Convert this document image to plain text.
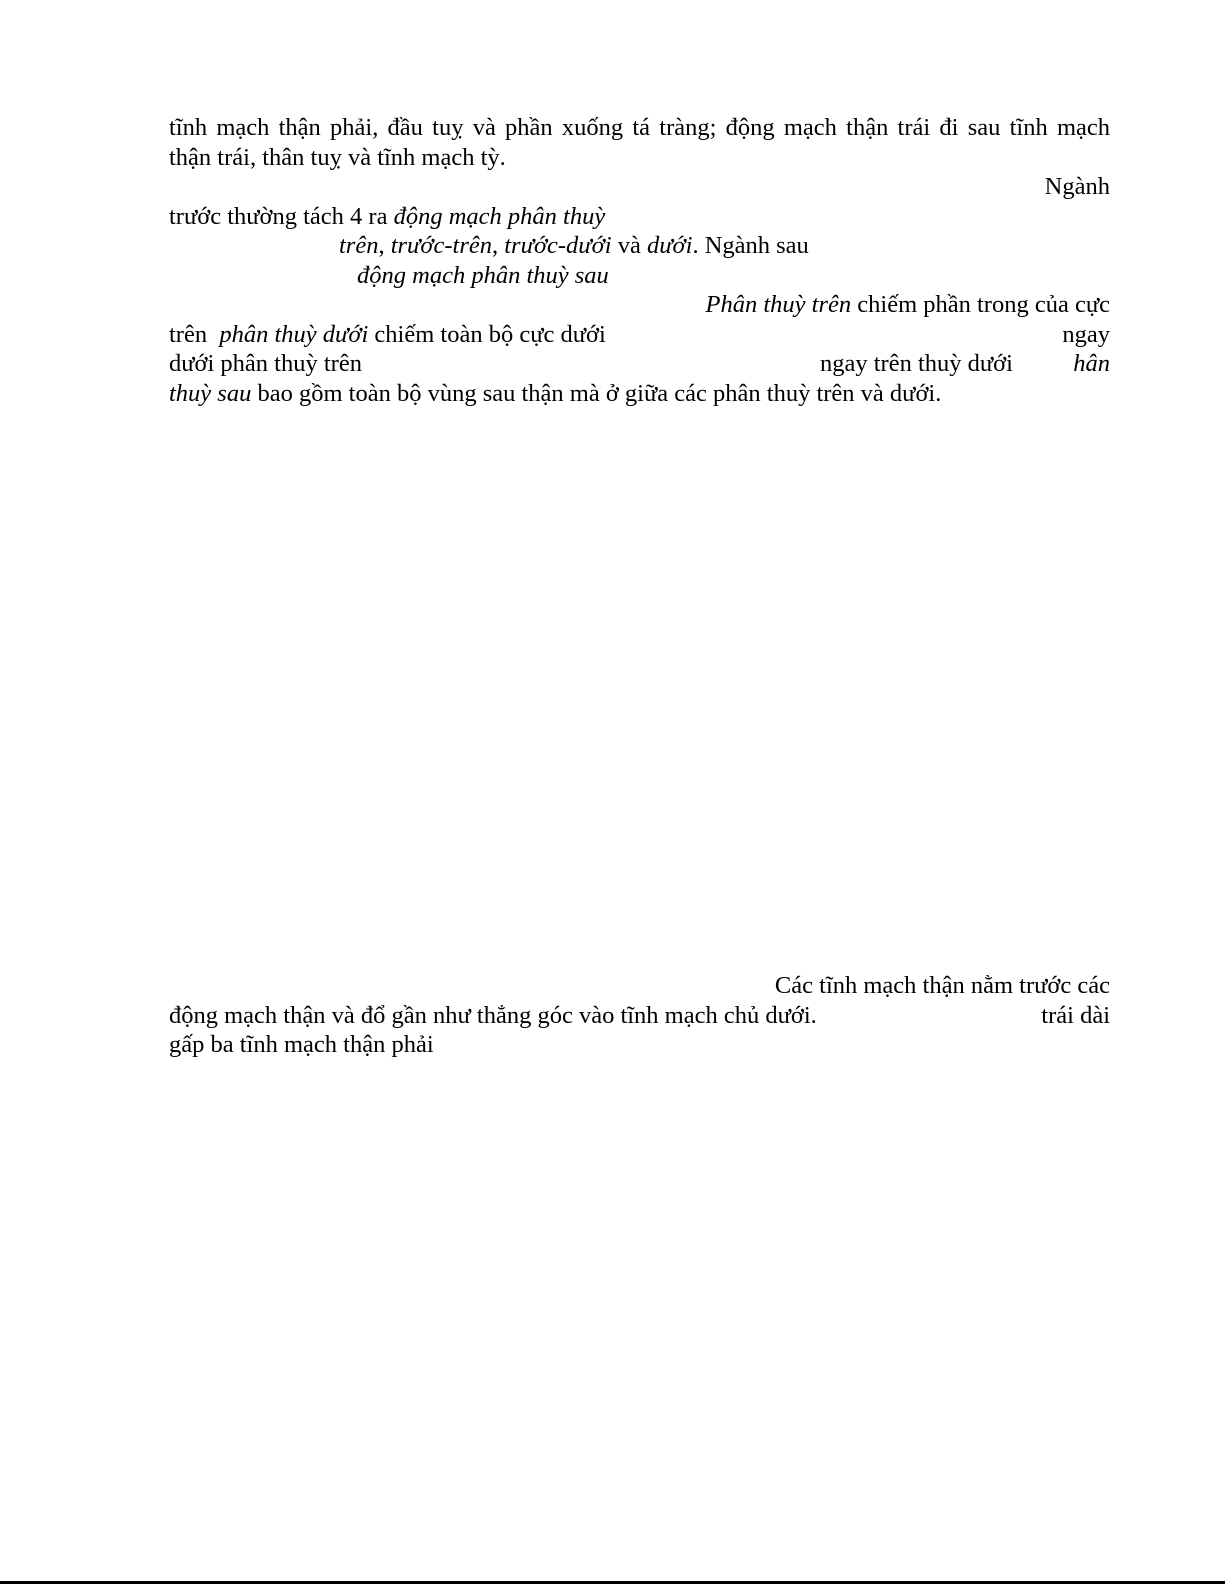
tĩnh mạch thận phải, đầu tuỵ và phần xuống tá tràng; động mạch thận trái đi sau tĩnh mạch
thận trái, thân tuỵ và tĩnh mạch tỳ.
Ngành
trước thường tách 4 ra động mạch phân thuỳ
trên, trước-trên, trước-dưới và dưới. Ngành sau
động mạch phân thuỳ sau
Phân thuỳ trên chiếm phần trong của cực
trên phân thuỳ dưới chiếm toàn bộ cực dưới	ngay
dưới phân thuỳ trên	ngay trên thuỳ dưới hân
thuỳ sau bao gồm toàn bộ vùng sau thận mà ở giữa các phân thuỳ trên và dưới.
Các tĩnh mạch thận nằm trước các
động mạch thận và đổ gần như thẳng góc vào tĩnh mạch chủ dưới.	trái dài
gấp ba tĩnh mạch thận phải
